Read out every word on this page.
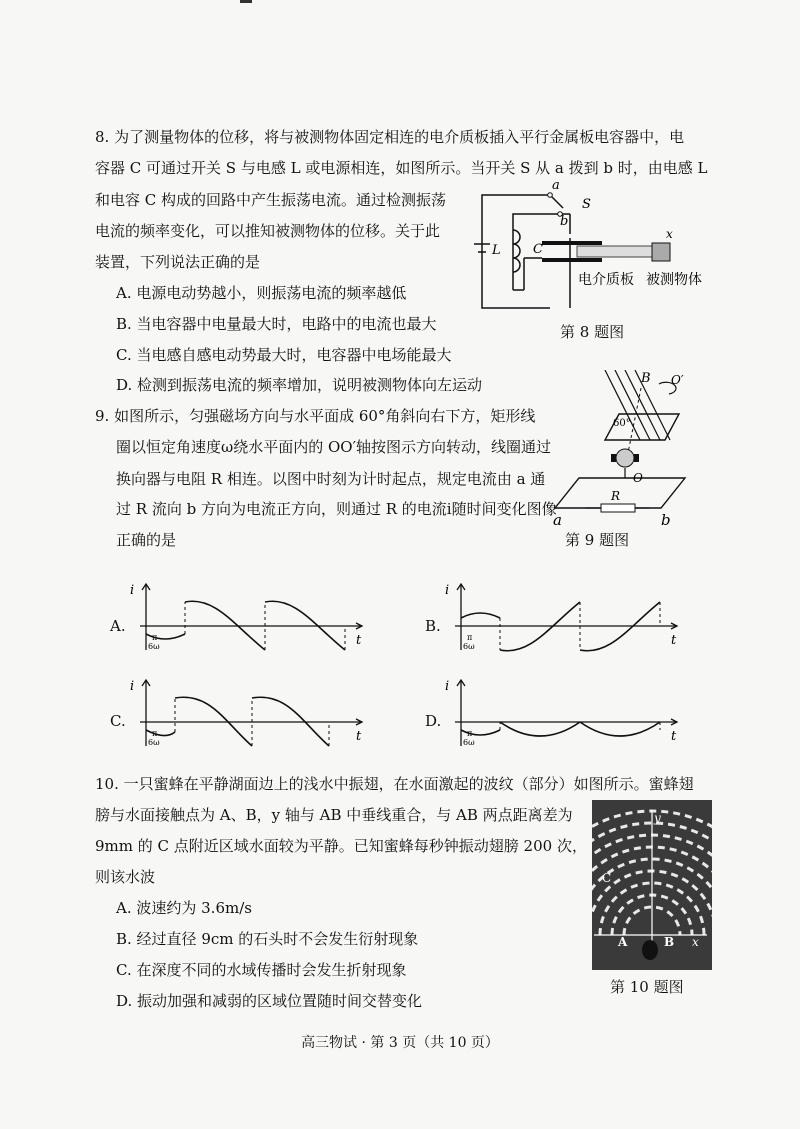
8. 为了测量物体的位移，将与被测物体固定相连的电介质板插入平行金属板电容器中，电
容器 C 可通过开关 S 与电感 L 或电源相连，如图所示。当开关 S 从 a 拨到 b 时，由电感 L
和电容 C 构成的回路中产生振荡电流。通过检测振荡
电流的频率变化，可以推知被测物体的位移。关于此
装置，下列说法正确的是
A. 电源电动势越小，则振荡电流的频率越低
B. 当电容器中电量最大时，电路中的电流也最大
C. 当电感自感电动势最大时，电容器中电场能最大
D. 检测到振荡电流的频率增加，说明被测物体向左运动
a
b
S
L C
x
电介质板 被测物体
第 8 题图
9. 如图所示，匀强磁场方向与水平面成 60°角斜向右下方，矩形线
圈以恒定角速度ω绕水平面内的 OO′轴按图示方向转动，线圈通过
换向器与电阻 R 相连。以图中时刻为计时起点，规定电流由 a 通
过 R 流向 b 方向为电流正方向，则通过 R 的电流i随时间变化图像
正确的是
B O′
60°
O
R
a	b
第 9 题图
A.
i
t
π
6ω
B.
i
t
π
6ω
C.
i
t
π
6ω
D.
i
t
π
6ω
10. 一只蜜蜂在平静湖面边上的浅水中振翅，在水面激起的波纹（部分）如图所示。蜜蜂翅
膀与水面接触点为 A、B，y 轴与 AB 中垂线重合，与 AB 两点距离差为
9mm 的 C 点附近区域水面较为平静。已知蜜蜂每秒钟振动翅膀 200 次，
则该水波
A. 波速约为 3.6m/s
B. 经过直径 9cm 的石头时不会发生衍射现象
C. 在深度不同的水域传播时会发生折射现象
D. 振动加强和减弱的区域位置随时间交替变化
y
C
A	B x
第 10 题图
高三物试 · 第 3 页（共 10 页）
